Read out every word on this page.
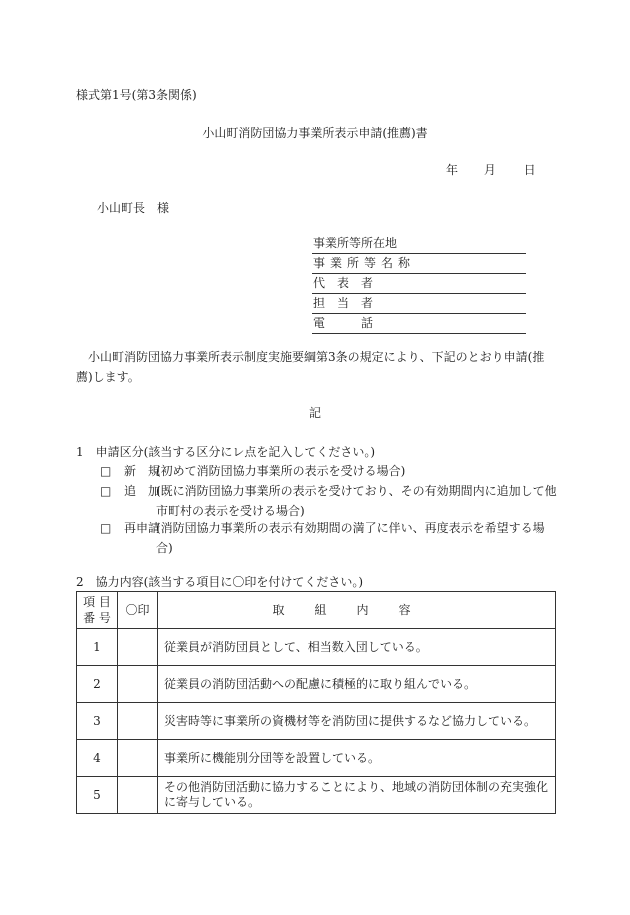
様式第1号(第3条関係)
小山町消防団協力事業所表示申請(推薦)書
年 月 日
小山町長　様
事業所等所在地
事業所等名称
代　表　者
担　当　者
電　　　話
小山町消防団協力事業所表示制度実施要綱第3条の規定により、下記のとおり申請(推薦)します。
記
1　申請区分(該当する区分にレ点を記入してください。)
□ 新　規
(初めて消防団協力事業所の表示を受ける場合)
□ 追　加
(既に消防団協力事業所の表示を受けており、その有効期間内に追加して他市町村の表示を受ける場合)
□ 再申請
(消防団協力事業所の表示有効期間の満了に伴い、再度表示を希望する場合)
2　協力内容(該当する項目に〇印を付けてください。)
項 目
番 号	〇印	取組内容
1		従業員が消防団員として、相当数入団している。
2		従業員の消防団活動への配慮に積極的に取り組んでいる。
3		災害時等に事業所の資機材等を消防団に提供するなど協力している。
4		事業所に機能別分団等を設置している。
5		その他消防団活動に協力することにより、地域の消防団体制の充実強化に寄与している。
